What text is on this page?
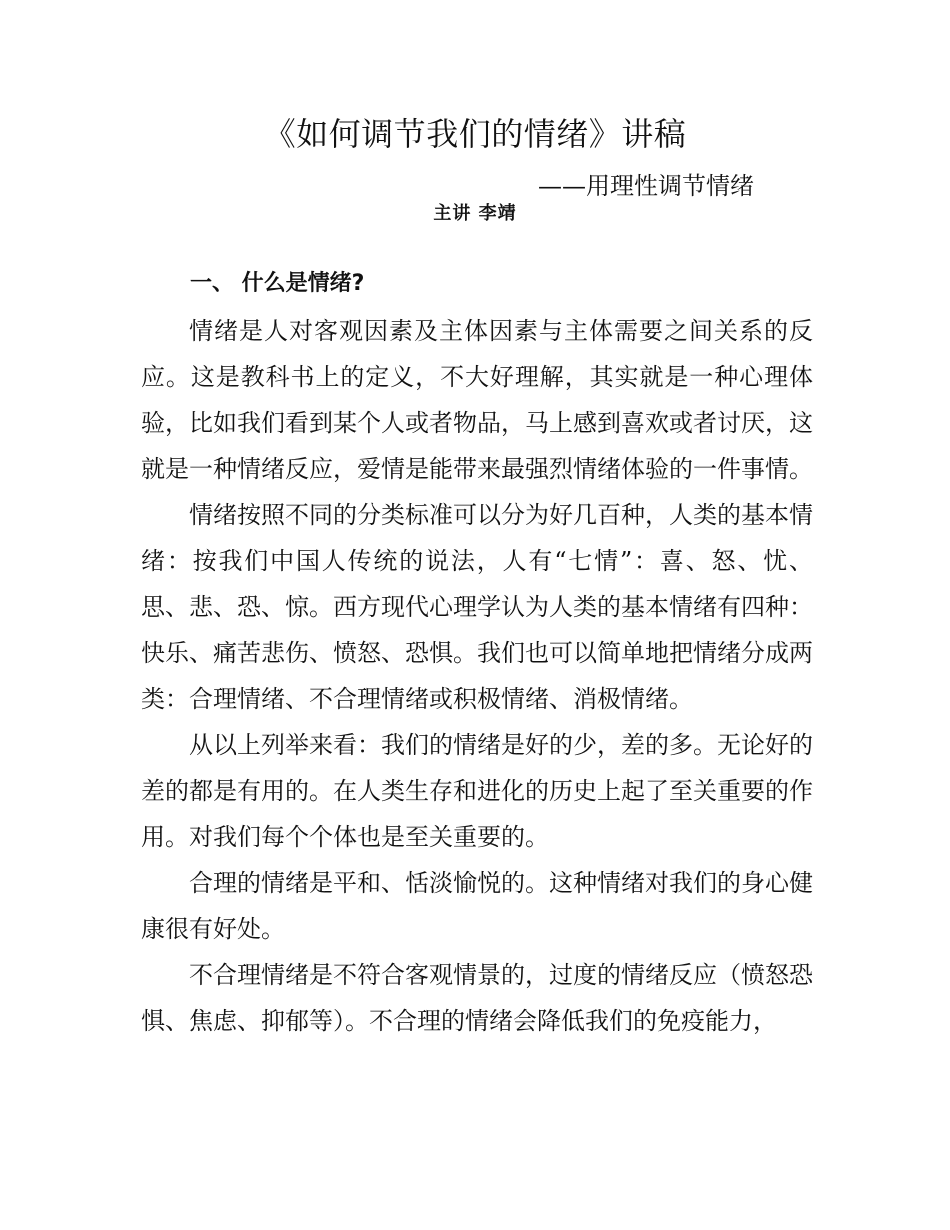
《如何调节我们的情绪》讲稿
——用理性调节情绪
主讲 李靖
一、 什么是情绪?

情绪是人对客观因素及主体因素与主体需要之间关系的反应。这是教科书上的定义，不大好理解，其实就是一种心理体验，比如我们看到某个人或者物品，马上感到喜欢或者讨厌，这就是一种情绪反应，爱情是能带来最强烈情绪体验的一件事情。

情绪按照不同的分类标准可以分为好几百种，人类的基本情绪：按我们中国人传统的说法，人有“七情”：喜、怒、忧、思、悲、恐、惊。西方现代心理学认为人类的基本情绪有四种：快乐、痛苦悲伤、愤怒、恐惧。我们也可以简单地把情绪分成两类：合理情绪、不合理情绪或积极情绪、消极情绪。

从以上列举来看：我们的情绪是好的少，差的多。无论好的差的都是有用的。在人类生存和进化的历史上起了至关重要的作用。对我们每个个体也是至关重要的。

合理的情绪是平和、恬淡愉悦的。这种情绪对我们的身心健康很有好处。

不合理情绪是不符合客观情景的，过度的情绪反应（愤怒恐惧、焦虑、抑郁等）。不合理的情绪会降低我们的免疫能力，
